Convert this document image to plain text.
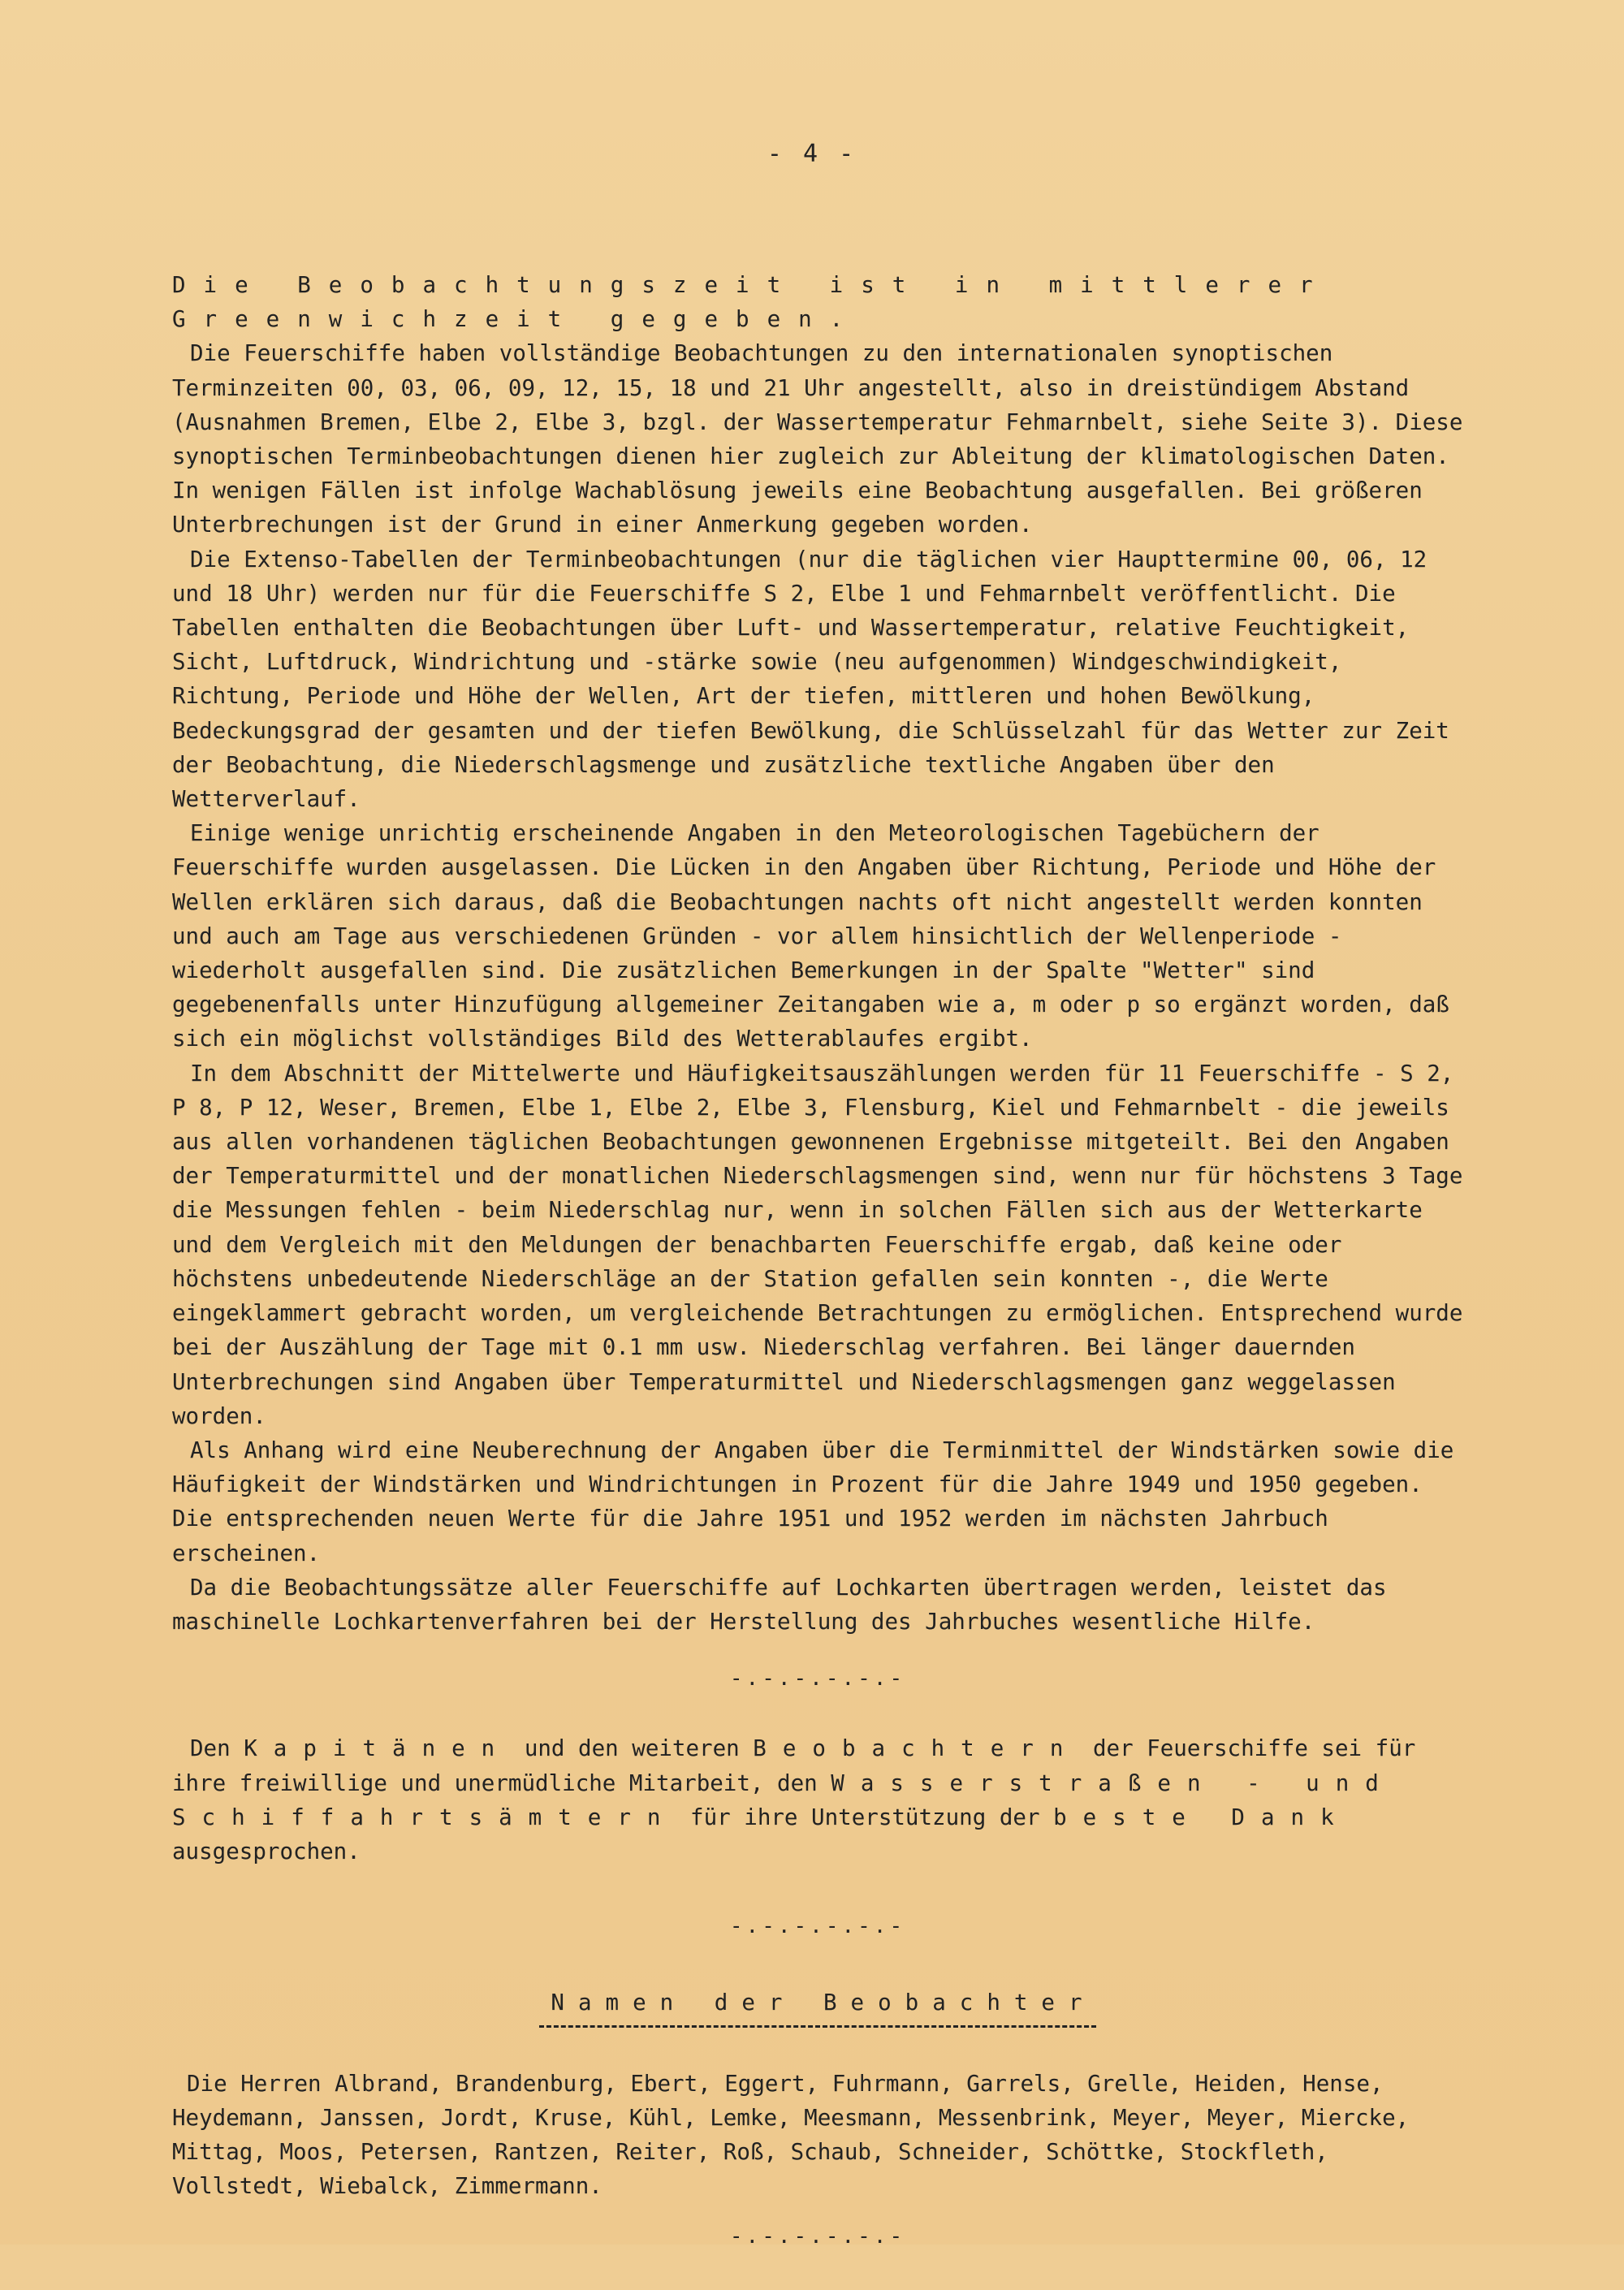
- 4 -

Die Beobachtungszeit ist in mittlerer Greenwichzeit gegeben.

Die Feuerschiffe haben vollständige Beobachtungen zu den internationalen synoptischen Terminzeiten 00, 03, 06, 09, 12, 15, 18 und 21 Uhr angestellt, also in dreistündigem Abstand (Ausnahmen Bremen, Elbe 2, Elbe 3, bzgl. der Wassertemperatur Fehmarnbelt, siehe Seite 3). Diese synoptischen Terminbeobachtungen dienen hier zugleich zur Ableitung der klimatologischen Daten. In wenigen Fällen ist infolge Wachablösung jeweils eine Beobachtung ausgefallen. Bei größeren Unterbrechungen ist der Grund in einer Anmerkung gegeben worden.

Die Extenso-Tabellen der Terminbeobachtungen (nur die täglichen vier Haupttermine 00, 06, 12 und 18 Uhr) werden nur für die Feuerschiffe S 2, Elbe 1 und Fehmarnbelt veröffentlicht. Die Tabellen enthalten die Beobachtungen über Luft- und Wassertemperatur, relative Feuchtigkeit, Sicht, Luftdruck, Windrichtung und -stärke sowie (neu aufgenommen) Windgeschwindigkeit, Richtung, Periode und Höhe der Wellen, Art der tiefen, mittleren und hohen Bewölkung, Bedeckungsgrad der gesamten und der tiefen Bewölkung, die Schlüsselzahl für das Wetter zur Zeit der Beobachtung, die Niederschlagsmenge und zusätzliche textliche Angaben über den Wetterverlauf.

Einige wenige unrichtig erscheinende Angaben in den Meteorologischen Tagebüchern der Feuerschiffe wurden ausgelassen. Die Lücken in den Angaben über Richtung, Periode und Höhe der Wellen erklären sich daraus, daß die Beobachtungen nachts oft nicht angestellt werden konnten und auch am Tage aus verschiedenen Gründen - vor allem hinsichtlich der Wellenperiode - wiederholt ausgefallen sind. Die zusätzlichen Bemerkungen in der Spalte "Wetter" sind gegebenenfalls unter Hinzufügung allgemeiner Zeitangaben wie a, m oder p so ergänzt worden, daß sich ein möglichst vollständiges Bild des Wetterablaufes ergibt.

In dem Abschnitt der Mittelwerte und Häufigkeitsauszählungen werden für 11 Feuerschiffe - S 2, P 8, P 12, Weser, Bremen, Elbe 1, Elbe 2, Elbe 3, Flensburg, Kiel und Fehmarnbelt - die jeweils aus allen vorhandenen täglichen Beobachtungen gewonnenen Ergebnisse mitgeteilt. Bei den Angaben der Temperaturmittel und der monatlichen Niederschlagsmengen sind, wenn nur für höchstens 3 Tage die Messungen fehlen - beim Niederschlag nur, wenn in solchen Fällen sich aus der Wetterkarte und dem Vergleich mit den Meldungen der benachbarten Feuerschiffe ergab, daß keine oder höchstens unbedeutende Niederschläge an der Station gefallen sein konnten -, die Werte eingeklammert gebracht worden, um vergleichende Betrachtungen zu ermöglichen. Entsprechend wurde bei der Auszählung der Tage mit 0.1 mm usw. Niederschlag verfahren. Bei länger dauernden Unterbrechungen sind Angaben über Temperaturmittel und Niederschlagsmengen ganz weggelassen worden.

Als Anhang wird eine Neuberechnung der Angaben über die Terminmittel der Windstärken sowie die Häufigkeit der Windstärken und Windrichtungen in Prozent für die Jahre 1949 und 1950 gegeben. Die entsprechenden neuen Werte für die Jahre 1951 und 1952 werden im nächsten Jahrbuch erscheinen.

Da die Beobachtungssätze aller Feuerschiffe auf Lochkarten übertragen werden, leistet das maschinelle Lochkartenverfahren bei der Herstellung des Jahrbuches wesentliche Hilfe.

-.-.-.-.-.-

Den Kapitänen und den weiteren Beobachtern der Feuerschiffe sei für ihre freiwillige und unermüdliche Mitarbeit, den Wasserstraßen - und Schiffahrtsämtern für ihre Unterstützung der beste Dank ausgesprochen.

-.-.-.-.-.-
Namen der Beobachter

Die Herren Albrand, Brandenburg, Ebert, Eggert, Fuhrmann, Garrels, Grelle, Heiden, Hense, Heydemann, Janssen, Jordt, Kruse, Kühl, Lemke, Meesmann, Messenbrink, Meyer, Meyer, Miercke, Mittag, Moos, Petersen, Rantzen, Reiter, Roß, Schaub, Schneider, Schöttke, Stockfleth, Vollstedt, Wiebalck, Zimmermann.

-.-.-.-.-.-
